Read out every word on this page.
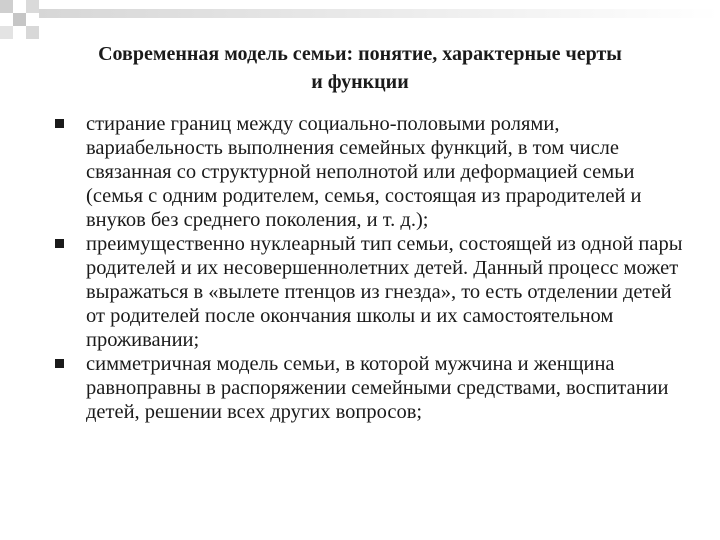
Современная модель семьи: понятие, характерные черты
и функции
стирание границ между социально-половыми ролями, вариабельность выполнения семейных функций, в том числе связанная со структурной неполнотой или деформацией семьи (семья с одним родителем, семья, состоящая из прародителей и внуков без среднего поколения, и т. д.);
преимущественно нуклеарный тип семьи, состоящей из одной пары родителей и их несовершеннолетних детей. Данный процесс может выражаться в «вылете птенцов из гнезда», то есть отделении детей от родителей после окончания школы и их самостоятельном проживании;
симметричная модель семьи, в которой мужчина и женщина равноправны в распоряжении семейными средствами, воспитании детей, решении всех других вопросов;
